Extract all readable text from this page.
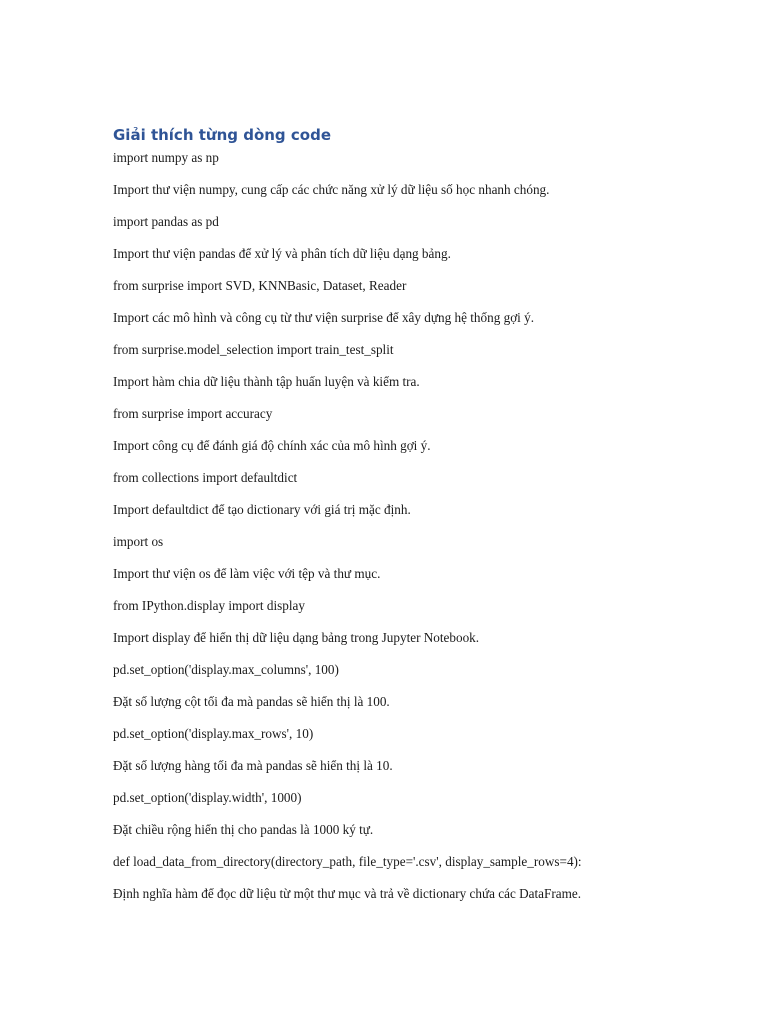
Giải thích từng dòng code
import numpy as np
Import thư viện numpy, cung cấp các chức năng xử lý dữ liệu số học nhanh chóng.
import pandas as pd
Import thư viện pandas để xử lý và phân tích dữ liệu dạng bảng.
from surprise import SVD, KNNBasic, Dataset, Reader
Import các mô hình và công cụ từ thư viện surprise để xây dựng hệ thống gợi ý.
from surprise.model_selection import train_test_split
Import hàm chia dữ liệu thành tập huấn luyện và kiểm tra.
from surprise import accuracy
Import công cụ để đánh giá độ chính xác của mô hình gợi ý.
from collections import defaultdict
Import defaultdict để tạo dictionary với giá trị mặc định.
import os
Import thư viện os để làm việc với tệp và thư mục.
from IPython.display import display
Import display để hiển thị dữ liệu dạng bảng trong Jupyter Notebook.
pd.set_option('display.max_columns', 100)
Đặt số lượng cột tối đa mà pandas sẽ hiển thị là 100.
pd.set_option('display.max_rows', 10)
Đặt số lượng hàng tối đa mà pandas sẽ hiển thị là 10.
pd.set_option('display.width', 1000)
Đặt chiều rộng hiển thị cho pandas là 1000 ký tự.
def load_data_from_directory(directory_path, file_type='.csv', display_sample_rows=4):
Định nghĩa hàm để đọc dữ liệu từ một thư mục và trả về dictionary chứa các DataFrame.
